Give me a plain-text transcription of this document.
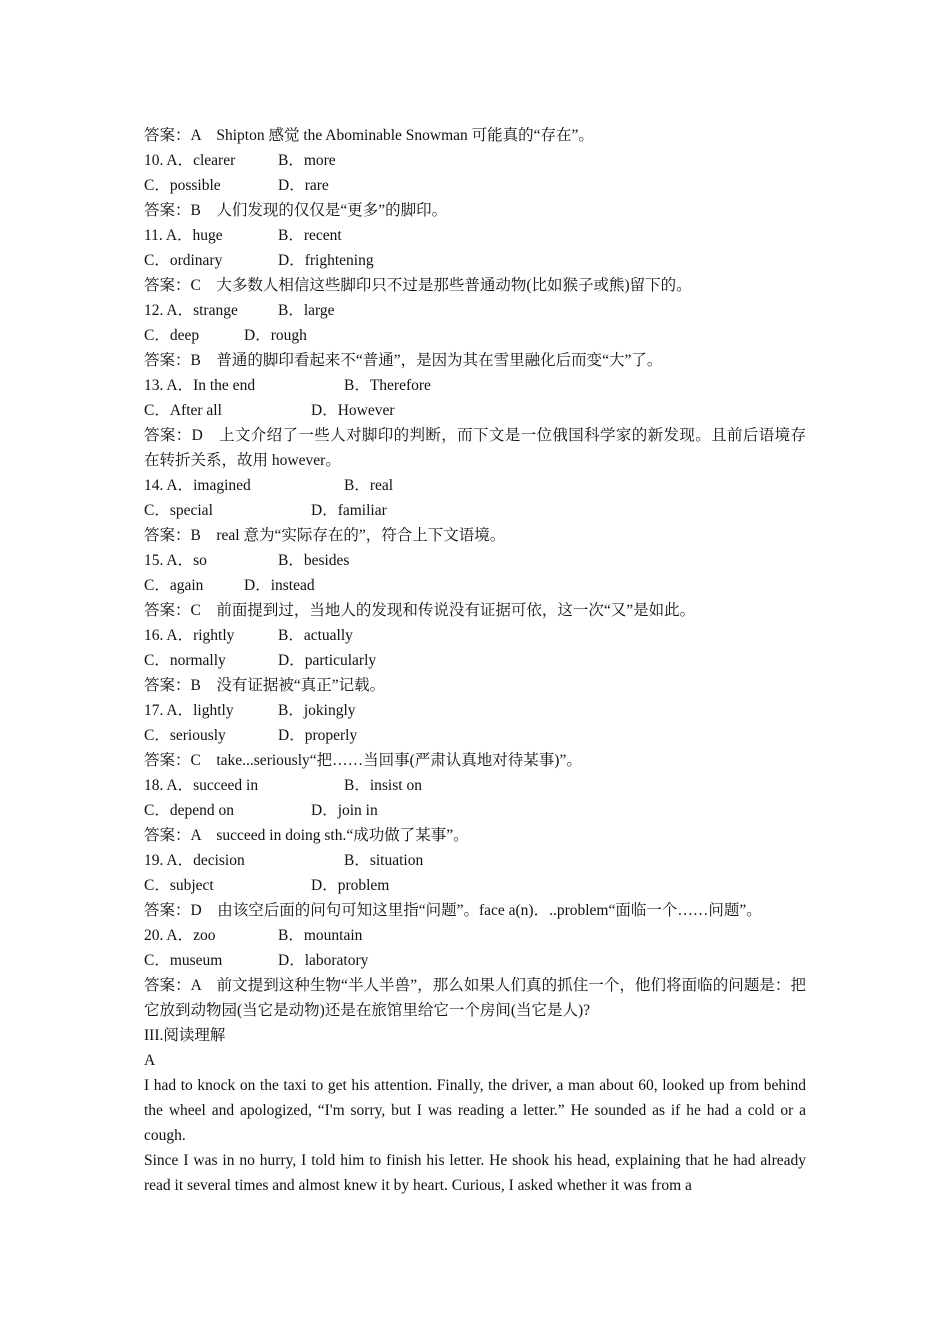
答案：A　Shipton 感觉 the Abominable Snowman 可能真的“存在”。
10. A．clearer	B．more
C．possible	D．rare
答案：B　人们发现的仅仅是“更多”的脚印。
11. A．huge	B．recent
C．ordinary	D．frightening
答案：C　大多数人相信这些脚印只不过是那些普通动物(比如猴子或熊)留下的。
12. A．strange	B．large
C．deep	D．rough
答案：B　普通的脚印看起来不“普通”，是因为其在雪里融化后而变“大”了。
13. A．In the end	B．Therefore
C．After all	D．However
答案：D　上文介绍了一些人对脚印的判断，而下文是一位俄国科学家的新发现。且前后语境存在转折关系，故用 however。
14. A．imagined	B．real
C．special	D．familiar
答案：B　real 意为“实际存在的”，符合上下文语境。
15. A．so	B．besides
C．again	D．instead
答案：C　前面提到过，当地人的发现和传说没有证据可依，这一次“又”是如此。
16. A．rightly	B．actually
C．normally	D．particularly
答案：B　没有证据被“真正”记载。
17. A．lightly	B．jokingly
C．seriously	D．properly
答案：C　take...seriously“把……当回事(严肃认真地对待某事)”。
18. A．succeed in	B．insist on
C．depend on	D．join in
答案：A　succeed in doing sth.“成功做了某事”。
19. A．decision	B．situation
C．subject	D．problem
答案：D　由该空后面的问句可知这里指“问题”。face a(n)．..problem“面临一个……问题”。
20. A．zoo	B．mountain
C．museum	D．laboratory
答案：A　前文提到这种生物“半人半兽”，那么如果人们真的抓住一个，他们将面临的问题是：把它放到动物园(当它是动物)还是在旅馆里给它一个房间(当它是人)?
III.阅读理解
A
I had to knock on the taxi to get his attention. Finally, the driver, a man about 60, looked up from behind the wheel and apologized, “I'm sorry, but I was reading a letter.” He sounded as if he had a cold or a cough.
Since I was in no hurry, I told him to finish his letter. He shook his head, explaining that he had already read it several times and almost knew it by heart. Curious, I asked whether it was from a
